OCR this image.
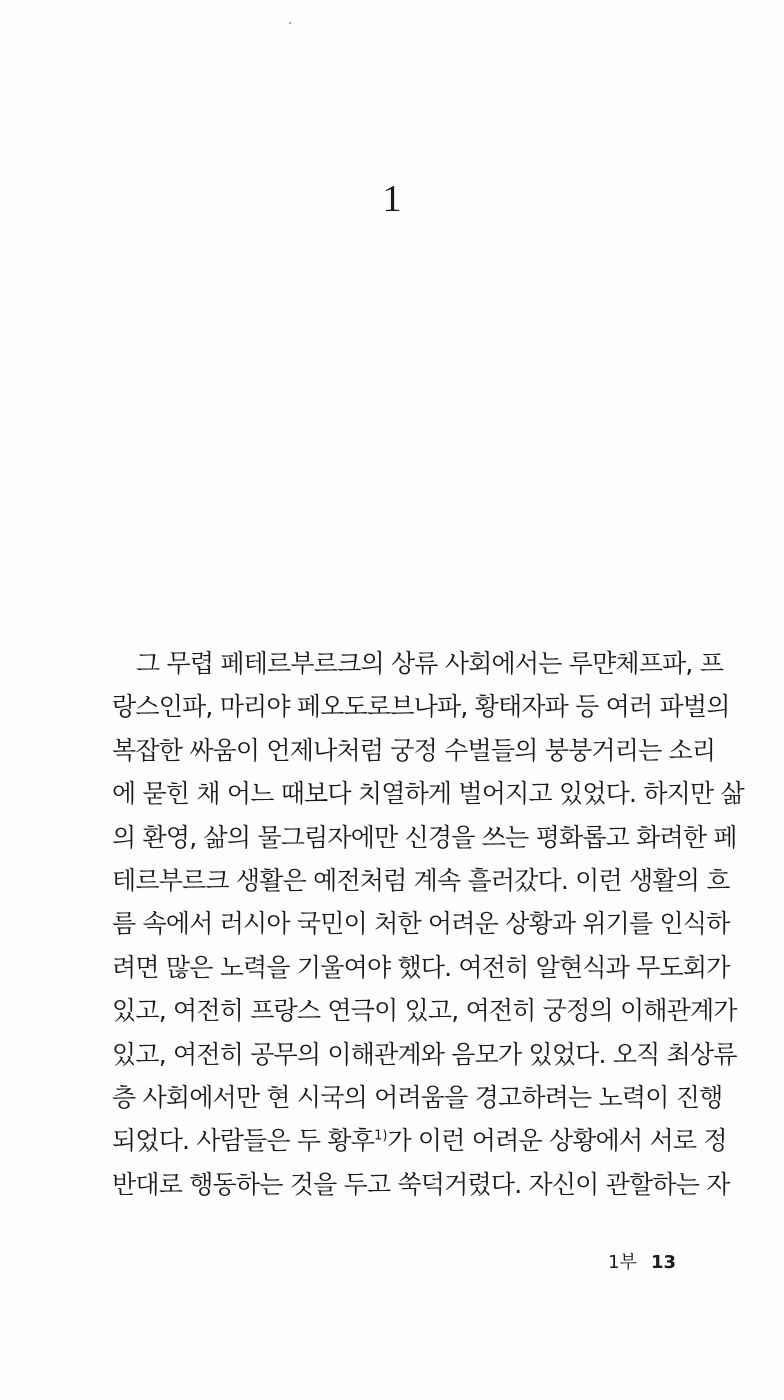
1
그 무렵 페테르부르크의 상류 사회에서는 루먄체프파, 프
랑스인파, 마리야 페오도로브나파, 황태자파 등 여러 파벌의
복잡한 싸움이 언제나처럼 궁정 수벌들의 붕붕거리는 소리
에 묻힌 채 어느 때보다 치열하게 벌어지고 있었다. 하지만 삶
의 환영, 삶의 물그림자에만 신경을 쓰는 평화롭고 화려한 페
테르부르크 생활은 예전처럼 계속 흘러갔다. 이런 생활의 흐
름 속에서 러시아 국민이 처한 어려운 상황과 위기를 인식하
려면 많은 노력을 기울여야 했다. 여전히 알현식과 무도회가
있고, 여전히 프랑스 연극이 있고, 여전히 궁정의 이해관계가
있고, 여전히 공무의 이해관계와 음모가 있었다. 오직 최상류
층 사회에서만 현 시국의 어려움을 경고하려는 노력이 진행
되었다. 사람들은 두 황후$^{1)}$가 이런 어려운 상황에서 서로 정
반대로 행동하는 것을 두고 쑥덕거렸다. 자신이 관할하는 자
1부 13
